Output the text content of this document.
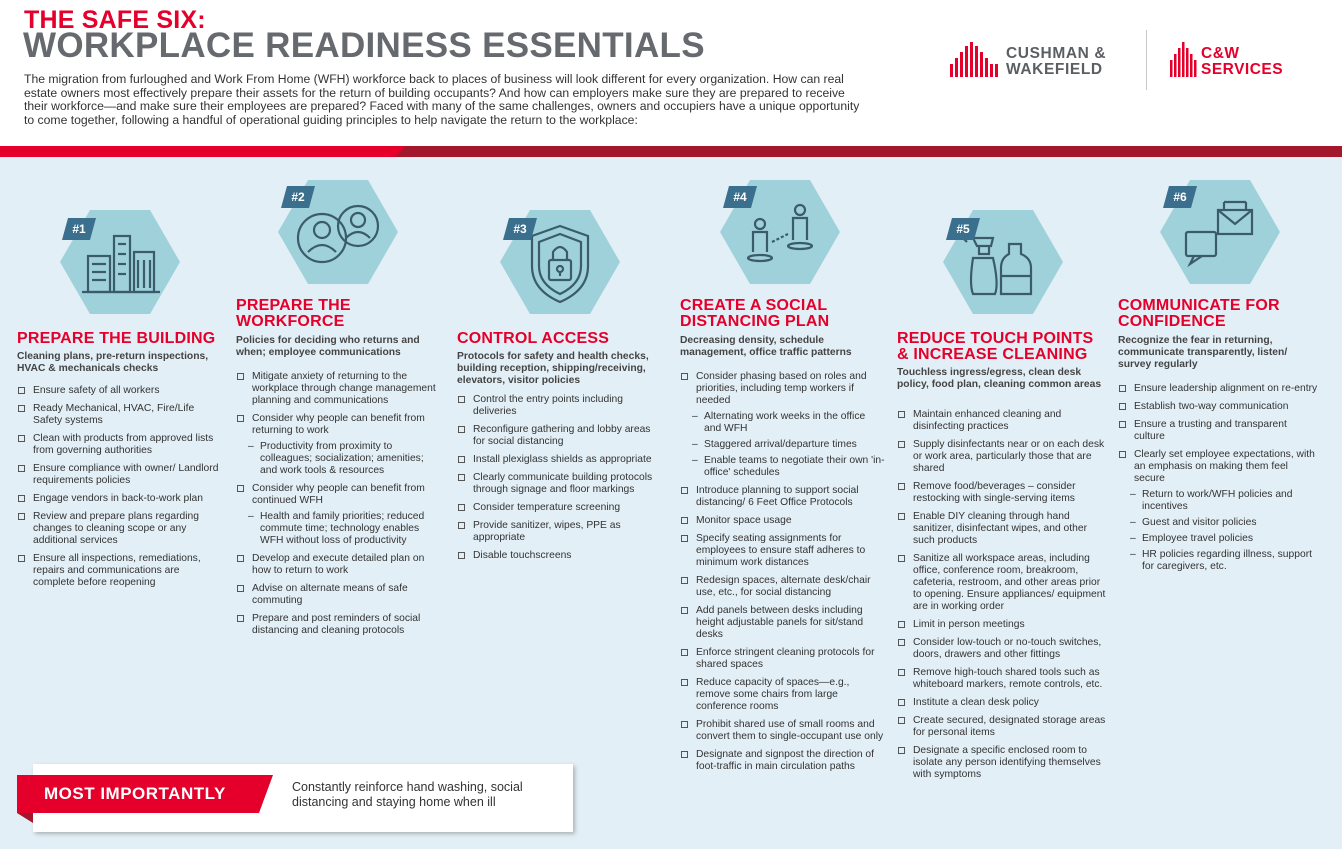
THE SAFE SIX:
WORKPLACE READINESS ESSENTIALS
The migration from furloughed and Work From Home (WFH) workforce back to places of business will look different for every organization. How can real estate owners most effectively prepare their assets for the return of building occupants? And how can employers make sure they are prepared to receive their workforce—and make sure their employees are prepared? Faced with many of the same challenges, owners and occupiers have a unique opportunity to come together, following a handful of operational guiding principles to help navigate the return to the workplace:
CUSHMAN &
WAKEFIELD
C&W
SERVICES
#1
PREPARE THE BUILDING
Cleaning plans, pre-return inspections, HVAC & mechanicals checks
Ensure safety of all workers
Ready Mechanical, HVAC, Fire/Life Safety systems
Clean with products from approved lists from governing authorities
Ensure compliance with owner/ Landlord requirements policies
Engage vendors in back-to-work plan
Review and prepare plans regarding changes to cleaning scope or any additional services
Ensure all inspections, remediations, repairs and communications are complete before reopening
#2
PREPARE THE
WORKFORCE
Policies for deciding who returns and when; employee communications
Mitigate anxiety of returning to the workplace through change management planning and communications
Consider why people can benefit from returning to work
– Productivity from proximity to colleagues; socialization; amenities; and work tools & resources
Consider why people can benefit from continued WFH
– Health and family priorities; reduced commute time; technology enables WFH without loss of productivity
Develop and execute detailed plan on how to return to work
Advise on alternate means of safe commuting
Prepare and post reminders of social distancing and cleaning protocols
#3
CONTROL ACCESS
Protocols for safety and health checks, building reception, shipping/receiving, elevators, visitor policies
Control the entry points including deliveries
Reconfigure gathering and lobby areas for social distancing
Install plexiglass shields as appropriate
Clearly communicate building protocols through signage and floor markings
Consider temperature screening
Provide sanitizer, wipes, PPE as appropriate
Disable touchscreens
#4
CREATE A SOCIAL
DISTANCING PLAN
Decreasing density, schedule management, office traffic patterns
Consider phasing based on roles and priorities, including temp workers if needed
– Alternating work weeks in the office and WFH
– Staggered arrival/departure times
– Enable teams to negotiate their own 'in-office' schedules
Introduce planning to support social distancing/ 6 Feet Office Protocols
Monitor space usage
Specify seating assignments for employees to ensure staff adheres to minimum work distances
Redesign spaces, alternate desk/chair use, etc., for social distancing
Add panels between desks including height adjustable panels for sit/stand desks
Enforce stringent cleaning protocols for shared spaces
Reduce capacity of spaces—e.g., remove some chairs from large conference rooms
Prohibit shared use of small rooms and convert them to single-occupant use only
Designate and signpost the direction of foot-traffic in main circulation paths
#5
REDUCE TOUCH POINTS
& INCREASE CLEANING
Touchless ingress/egress, clean desk policy, food plan, cleaning common areas
Maintain enhanced cleaning and disinfecting practices
Supply disinfectants near or on each desk or work area, particularly those that are shared
Remove food/beverages – consider restocking with single-serving items
Enable DIY cleaning through hand sanitizer, disinfectant wipes, and other such products
Sanitize all workspace areas, including office, conference room, breakroom, cafeteria, restroom, and other areas prior to opening. Ensure appliances/ equipment are in working order
Limit in person meetings
Consider low-touch or no-touch switches, doors, drawers and other fittings
Remove high-touch shared tools such as whiteboard markers, remote controls, etc.
Institute a clean desk policy
Create secured, designated storage areas for personal items
Designate a specific enclosed room to isolate any person identifying themselves with symptoms
#6
COMMUNICATE FOR
CONFIDENCE
Recognize the fear in returning, communicate transparently, listen/ survey regularly
Ensure leadership alignment on re-entry
Establish two-way communication
Ensure a trusting and transparent culture
Clearly set employee expectations, with an emphasis on making them feel secure
– Return to work/WFH policies and incentives
– Guest and visitor policies
– Employee travel policies
– HR policies regarding illness, support for caregivers, etc.
MOST IMPORTANTLY	Constantly reinforce hand washing, social distancing and staying home when ill
